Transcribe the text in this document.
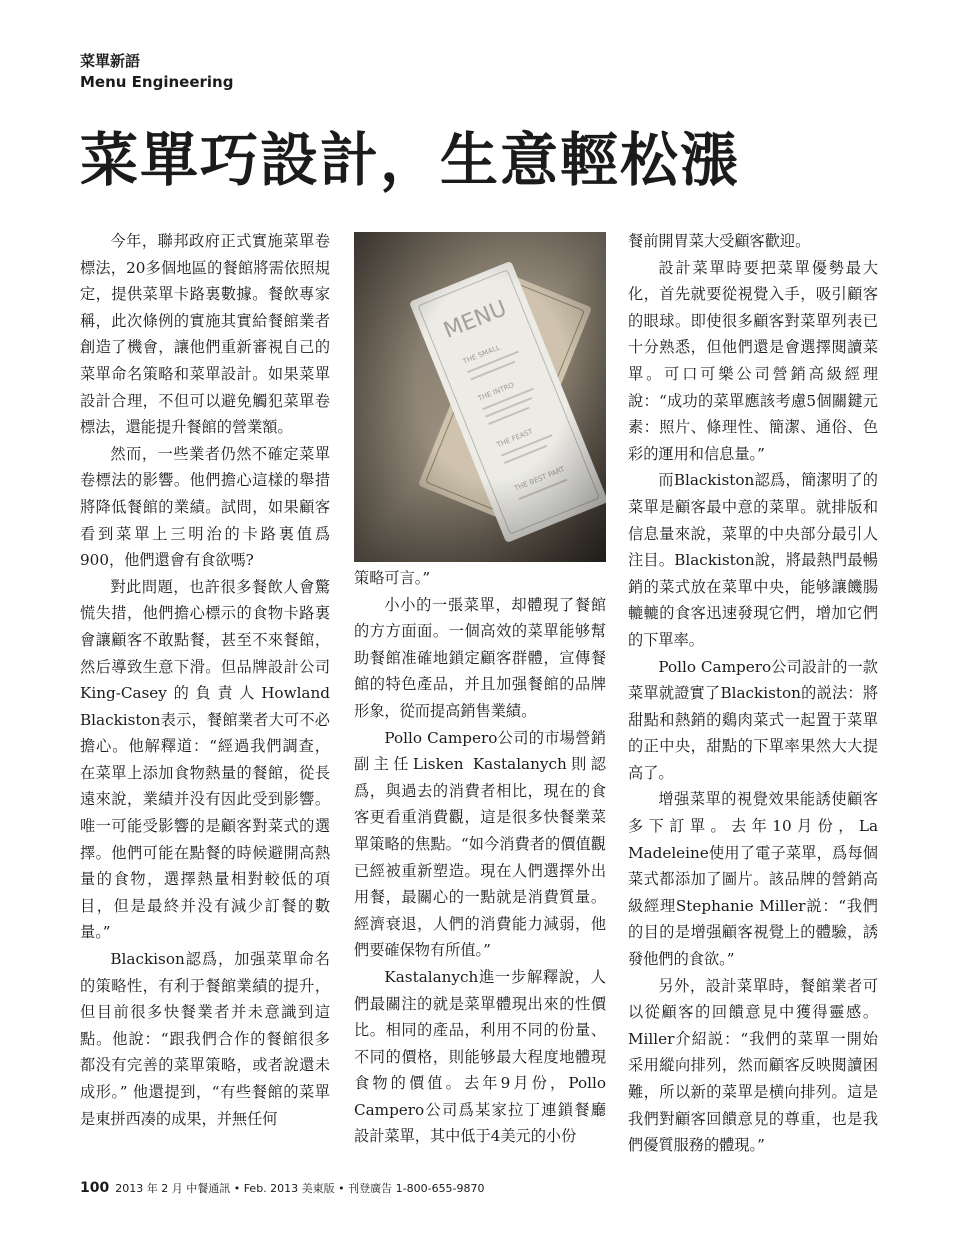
菜單新語
Menu Engineering
菜單巧設計，生意輕松漲

今年，聯邦政府正式實施菜單卷標法，20多個地區的餐館將需依照規定，提供菜單卡路裏數據。餐飲專家稱，此次條例的實施其實給餐館業者創造了機會，讓他們重新審視自己的菜單命名策略和菜單設計。如果菜單設計合理，不但可以避免觸犯菜單卷標法，還能提升餐館的營業額。

然而，一些業者仍然不確定菜單卷標法的影響。他們擔心這樣的舉措將降低餐館的業績。試問，如果顧客看到菜單上三明治的卡路裏值爲900，他們還會有食欲嗎?

對此問題，也許很多餐飲人會驚慌失措，他們擔心標示的食物卡路裏會讓顧客不敢點餐，甚至不來餐館，然后導致生意下滑。但品牌設計公司King-Casey的負責人Howland Blackiston表示，餐館業者大可不必擔心。他解釋道：“經過我們調查，在菜單上添加食物熱量的餐館，從長遠來說，業績并没有因此受到影響。唯一可能受影響的是顧客對菜式的選擇。他們可能在點餐的時候避開高熱量的食物，選擇熱量相對較低的項目，但是最終并没有減少訂餐的數量。”

Blackison認爲，加强菜單命名的策略性，有利于餐館業績的提升，但目前很多快餐業者并未意識到這點。他說：“跟我們合作的餐館很多都没有完善的菜單策略，或者說還未成形。” 他還提到，“有些餐館的菜單是東拼西凑的成果，并無任何

策略可言。”

小小的一張菜單，却體現了餐館的方方面面。一個高效的菜單能够幫助餐館准確地鎖定顧客群體，宣傳餐館的特色產品，并且加强餐館的品牌形象，從而提高銷售業績。

Pollo Campero公司的市場營銷副主任Lisken Kastalanych則認爲，與過去的消費者相比，現在的食客更看重消費觀，這是很多快餐業菜單策略的焦點。“如今消費者的價值觀已經被重新塑造。現在人們選擇外出用餐，最關心的一點就是消費質量。經濟衰退，人們的消費能力減弱，他們要確保物有所值。”

Kastalanych進一步解釋說，人們最關注的就是菜單體現出來的性價比。相同的產品，利用不同的份量、不同的價格，則能够最大程度地體現食物的價值。去年9月份，Pollo Campero公司爲某家拉丁連鎖餐廳設計菜單，其中低于4美元的小份

餐前開胃菜大受顧客歡迎。

設計菜單時要把菜單優勢最大化，首先就要從視覺入手，吸引顧客的眼球。即使很多顧客對菜單列表已十分熟悉，但他們還是會選擇閱讀菜單。可口可樂公司營銷高級經理說：“成功的菜單應該考慮5個關鍵元素：照片、條理性、簡潔、通俗、色彩的運用和信息量。”

而Blackiston認爲，簡潔明了的菜單是顧客最中意的菜單。就排版和信息量來說，菜單的中央部分最引人注目。Blackiston說，將最熱門最暢銷的菜式放在菜單中央，能够讓饑腸轆轆的食客迅速發現它們，增加它們的下單率。

Pollo Campero公司設計的一款菜單就證實了Blackiston的説法：將甜點和熱銷的鷄肉菜式一起置于菜單的正中央，甜點的下單率果然大大提高了。

增强菜單的視覺效果能誘使顧客多下訂單。去年10月份，La Madeleine使用了電子菜單，爲每個菜式都添加了圖片。該品牌的營銷高級經理Stephanie Miller説：“我們的目的是增强顧客視覺上的體驗，誘發他們的食欲。”

另外，設計菜單時，餐館業者可以從顧客的回饋意見中獲得靈感。Miller介紹説：“我們的菜單一開始采用縱向排列，然而顧客反映閱讀困難，所以新的菜單是横向排列。這是我們對顧客回饋意見的尊重，也是我們優質服務的體現。”

100 2013 年 2 月 中餐通訊 • Feb. 2013 美東版 • 刊登廣告 1-800-655-9870
